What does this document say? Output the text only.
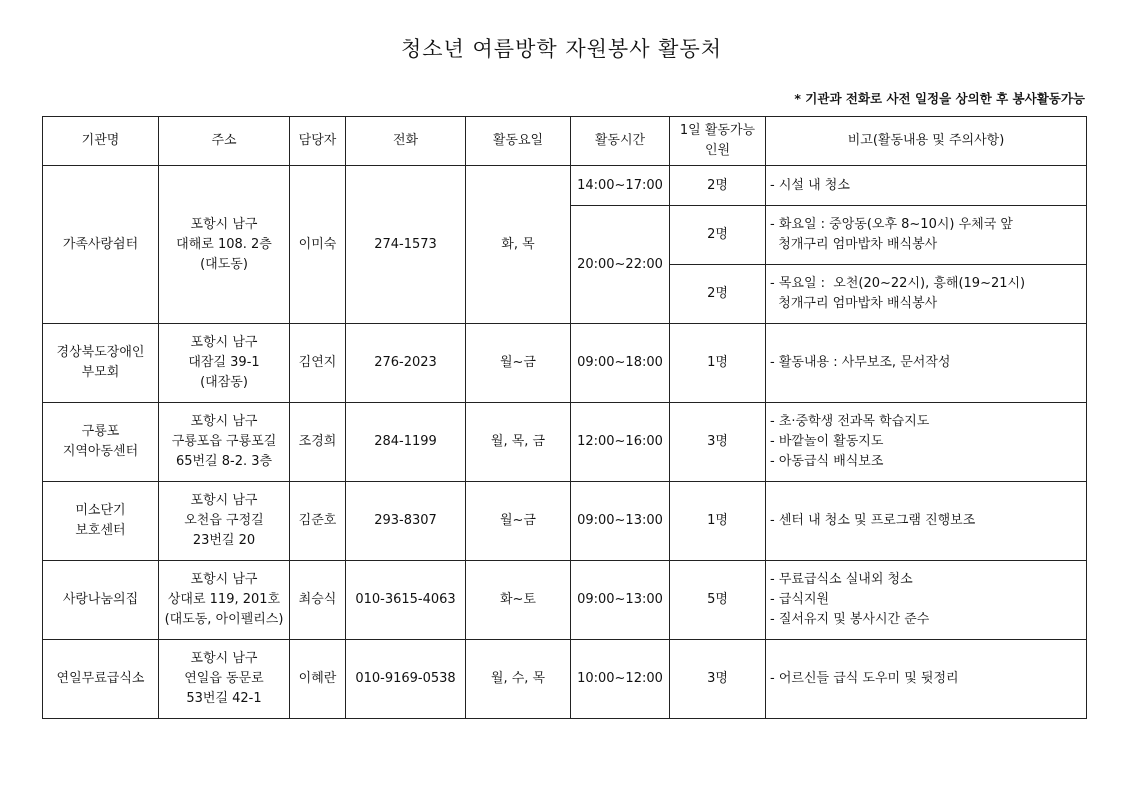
청소년 여름방학 자원봉사 활동처
* 기관과 전화로 사전 일정을 상의한 후 봉사활동가능
기관명	주소	담당자	전화	활동요일	활동시간	1일 활동가능
인원	비고(활동내용 및 주의사항)

가족사랑쉼터	포항시 남구
대해로 108. 2층
(대도동)	이미숙	274-1573	화, 목	14:00~17:00	2명	- 시설 내 청소

					20:00~22:00	2명	- 화요일 : 중앙동(오후 8~10시) 우체국 앞
청개구리 엄마밥차 배식봉사

						2명	- 목요일 :  오천(20~22시), 흥해(19~21시)
청개구리 엄마밥차 배식봉사

경상북도장애인
부모회	포항시 남구
대잠길 39-1
(대잠동)	김연지	276-2023	월~금	09:00~18:00	1명	- 활동내용 : 사무보조, 문서작성

구룡포
지역아동센터	포항시 남구
구룡포읍 구룡포길
65번길 8-2. 3층	조경희	284-1199	월, 목, 금	12:00~16:00	3명	- 초·중학생 전과목 학습지도
- 바깥놀이 활동지도
- 아동급식 배식보조

미소단기
보호센터	포항시 남구
오천읍 구정길
23번길 20	김준호	293-8307	월~금	09:00~13:00	1명	- 센터 내 청소 및 프로그램 진행보조

사랑나눔의집	포항시 남구
상대로 119, 201호
(대도동, 아이펠리스)	최승식	010-3615-4063	화~토	09:00~13:00	5명	- 무료급식소 실내외 청소
- 급식지원
- 질서유지 및 봉사시간 준수

연일무료급식소	포항시 남구
연일읍 동문로
53번길 42-1	이혜란	010-9169-0538	월, 수, 목	10:00~12:00	3명	- 어르신들 급식 도우미 및 뒷정리
